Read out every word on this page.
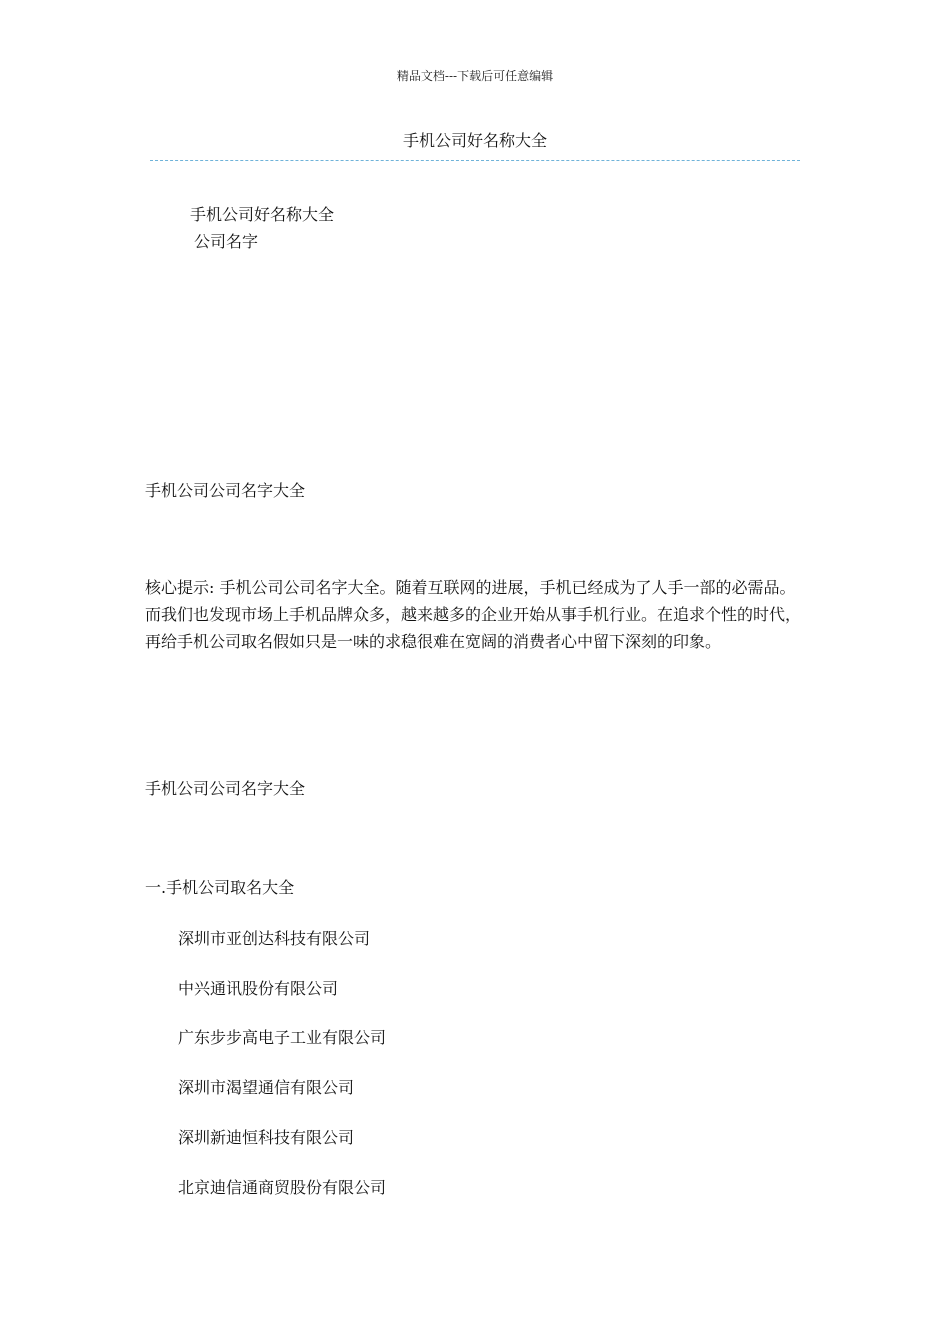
精品文档---下载后可任意编辑
手机公司好名称大全
手机公司好名称大全
公司名字
手机公司公司名字大全
核心提示: 手机公司公司名字大全。随着互联网的进展，手机已经成为了人手一部的必需品。而我们也发现市场上手机品牌众多，越来越多的企业开始从事手机行业。在追求个性的时代，再给手机公司取名假如只是一味的求稳很难在宽阔的消费者心中留下深刻的印象。
手机公司公司名字大全
一.手机公司取名大全
深圳市亚创达科技有限公司
中兴通讯股份有限公司
广东步步高电子工业有限公司
深圳市渴望通信有限公司
深圳新迪恒科技有限公司
北京迪信通商贸股份有限公司
